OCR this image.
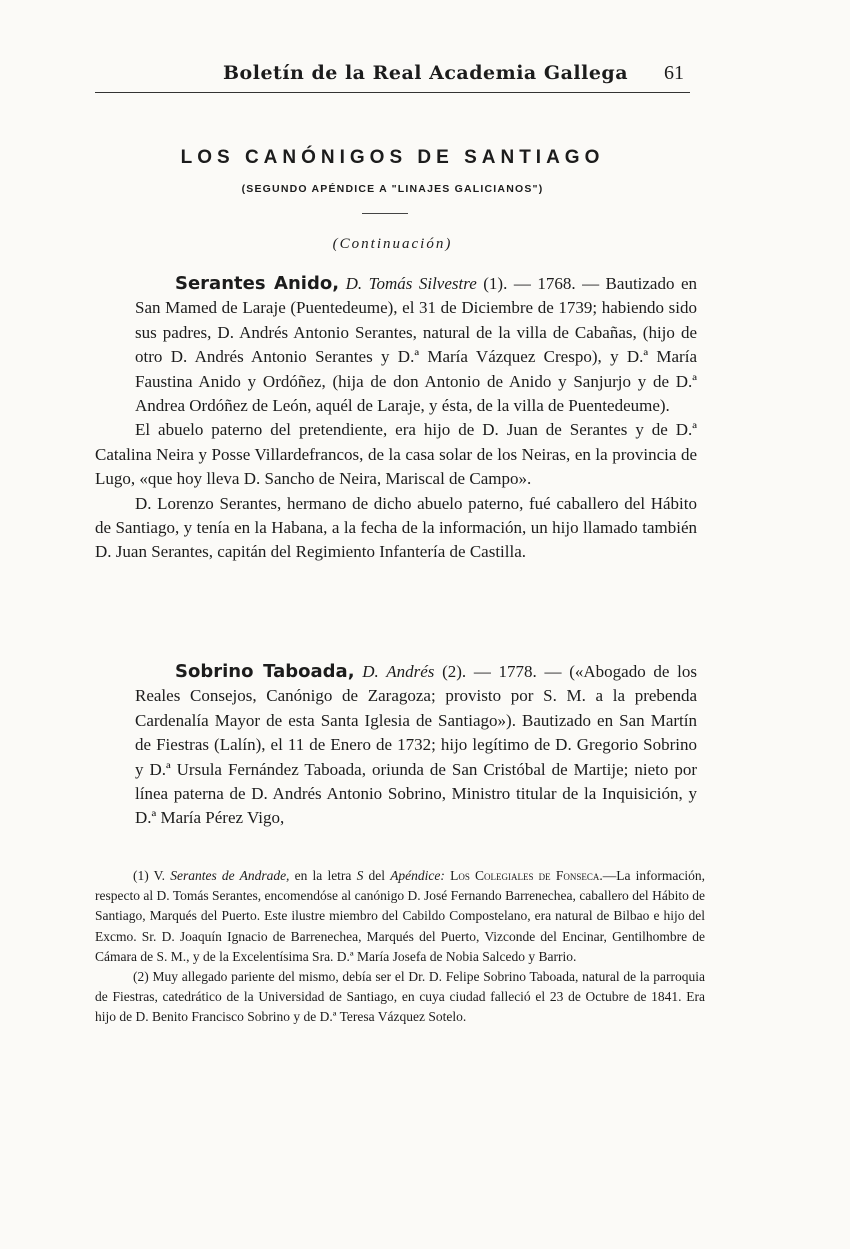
Boletín de la Real Academia Gallega 61
LOS CANÓNIGOS DE SANTIAGO
(SEGUNDO APÉNDICE A "LINAJES GALICIANOS")
(Continuación)

Serantes Anido, D. Tomás Silvestre (1). — 1768. — Bautizado en San Mamed de Laraje (Puentedeume), el 31 de Diciembre de 1739; habiendo sido sus padres, D. Andrés Antonio Serantes, natural de la villa de Cabañas, (hijo de otro D. Andrés Antonio Serantes y D.ª María Vázquez Crespo), y D.ª María Faustina Anido y Ordóñez, (hija de don Antonio de Anido y Sanjurjo y de D.ª Andrea Ordóñez de León, aquél de Laraje, y ésta, de la villa de Puentedeume).

El abuelo paterno del pretendiente, era hijo de D. Juan de Serantes y de D.ª Catalina Neira y Posse Villardefrancos, de la casa solar de los Neiras, en la provincia de Lugo, «que hoy lleva D. Sancho de Neira, Mariscal de Campo».

D. Lorenzo Serantes, hermano de dicho abuelo paterno, fué caballero del Hábito de Santiago, y tenía en la Habana, a la fecha de la información, un hijo llamado también D. Juan Serantes, capitán del Regimiento Infantería de Castilla.

Sobrino Taboada, D. Andrés (2). — 1778. — («Abogado de los Reales Consejos, Canónigo de Zaragoza; provisto por S. M. a la prebenda Cardenalía Mayor de esta Santa Iglesia de Santiago»). Bautizado en San Martín de Fiestras (Lalín), el 11 de Enero de 1732; hijo legítimo de D. Gregorio Sobrino y D.ª Ursula Fernández Taboada, oriunda de San Cristóbal de Martije; nieto por línea paterna de D. Andrés Antonio Sobrino, Ministro titular de la Inquisición, y D.ª María Pérez Vigo,

(1) V. Serantes de Andrade, en la letra S del Apéndice: Los Colegiales de Fonseca.—La información, respecto al D. Tomás Serantes, encomendóse al canónigo D. José Fernando Barrenechea, caballero del Hábito de Santiago, Marqués del Puerto. Este ilustre miembro del Cabildo Compostelano, era natural de Bilbao e hijo del Excmo. Sr. D. Joaquín Ignacio de Barrenechea, Marqués del Puerto, Vizconde del Encinar, Gentilhombre de Cámara de S. M., y de la Excelentísima Sra. D.ª María Josefa de Nobia Salcedo y Barrio.

(2) Muy allegado pariente del mismo, debía ser el Dr. D. Felipe Sobrino Taboada, natural de la parroquia de Fiestras, catedrático de la Universidad de Santiago, en cuya ciudad falleció el 23 de Octubre de 1841. Era hijo de D. Benito Francisco Sobrino y de D.ª Teresa Vázquez Sotelo.
